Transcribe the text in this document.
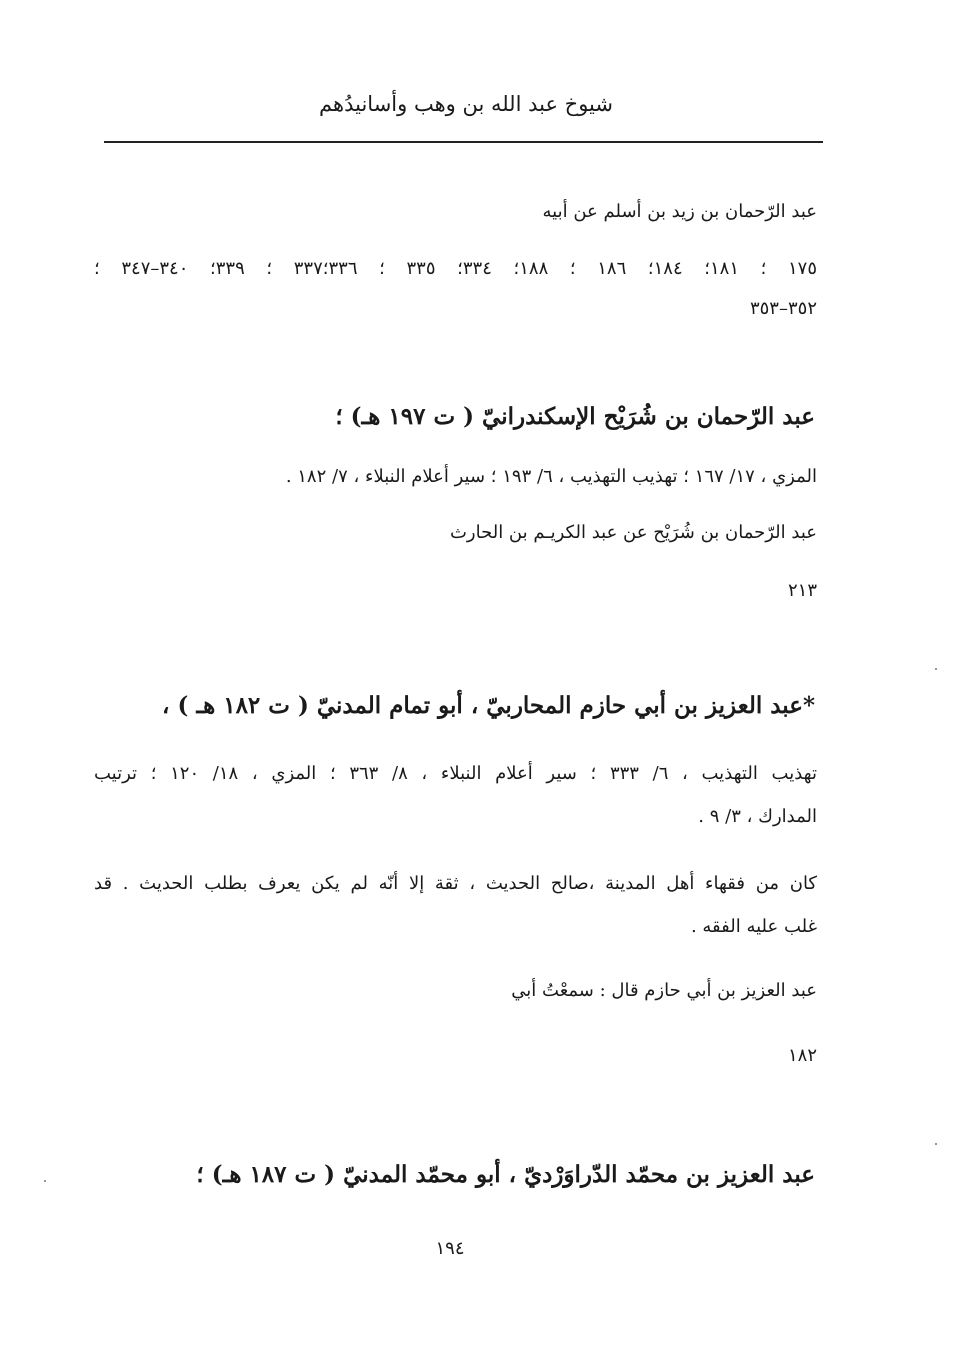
شيوخ عبد الله بن وهب وأسانيدُهم
عبد الرّحمان بن زيد بن أسلم عن أبيه
١٧٥ ؛ ١٨١؛ ١٨٤؛ ١٨٦ ؛ ١٨٨؛ ٣٣٤؛ ٣٣٥ ؛ ٣٣٦؛٣٣٧ ؛ ٣٣٩؛ ٣٤٠–٣٤٧ ؛
٣٥٢–٣٥٣
عبد الرّحمان بن شُرَيْح الإسكندرانيّ ( ت ١٩٧ هـ) ؛
المزي ، ١٧/ ١٦٧ ؛ تهذيب التهذيب ، ٦/ ١٩٣ ؛ سير أعلام النبلاء ، ٧/ ١٨٢ .
عبد الرّحمان بن شُرَيْح عن عبد الكريـم بن الحارث
٢١٣
*عبد العزيز بن أبي حازم المحاربيّ ، أبو تمام المدنيّ ( ت ١٨٢ هـ ) ،
تهذيب التهذيب ، ٦/ ٣٣٣ ؛ سير أعلام النبلاء ، ٨/ ٣٦٣ ؛ المزي ، ١٨/ ١٢٠ ؛ ترتيب
المدارك ، ٣/ ٩ .
كان من فقهاء أهل المدينة ،صالح الحديث ، ثقة إلا أنّه لم يكن يعرف بطلب الحديث . قد
غلب عليه الفقه .
عبد العزيز بن أبي حازم قال : سمعْتُ أبي
١٨٢
عبد العزيز بن محمّد الدّراوَرْديّ ، أبو محمّد المدنيّ ( ت ١٨٧ هـ) ؛
١٩٤
